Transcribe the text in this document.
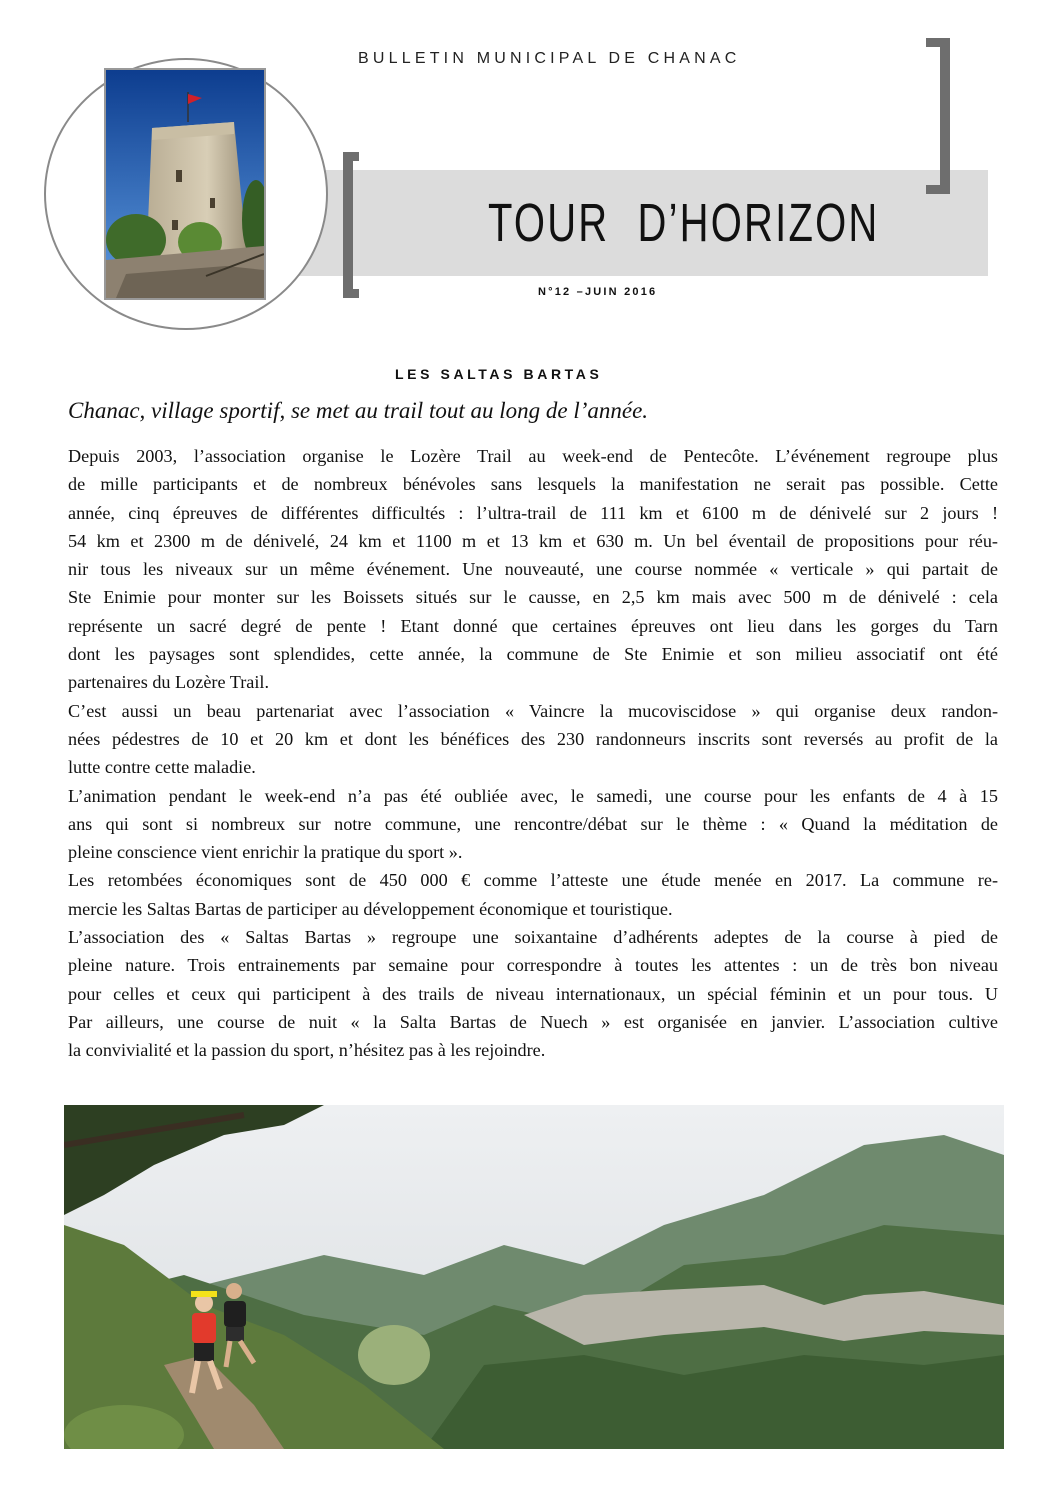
BULLETIN MUNICIPAL DE CHANAC
TOUR D’HORIZON
N°12 –JUIN 2016
LES SALTAS BARTAS
Chanac, village sportif, se met au trail tout au long de l’année.
Depuis 2003, l’association organise le Lozère Trail au week-end de Pentecôte. L’événement regroupe plus
de mille participants et de nombreux bénévoles sans lesquels la manifestation ne serait pas possible. Cette
année, cinq épreuves de différentes difficultés : l’ultra-trail de 111 km et 6100 m de dénivelé sur 2 jours !
54 km et 2300 m de dénivelé, 24 km et 1100 m et 13 km et 630 m. Un bel éventail de propositions pour réu-
nir tous les niveaux sur un même événement. Une nouveauté, une course nommée « verticale » qui partait de
Ste Enimie pour monter sur les Boissets situés sur le causse, en 2,5 km mais avec 500 m de dénivelé : cela
représente un sacré degré de pente ! Etant donné que certaines épreuves ont lieu dans les gorges du Tarn
dont les paysages sont splendides, cette année, la commune de Ste Enimie et son milieu associatif ont été
partenaires du Lozère Trail.
C’est aussi un beau partenariat avec l’association « Vaincre la mucoviscidose » qui organise deux randon-
nées pédestres de 10 et 20 km et dont les bénéfices des 230 randonneurs inscrits sont reversés au profit de la
lutte contre cette maladie.
L’animation pendant le week-end n’a pas été oubliée avec, le samedi, une course pour les enfants de 4 à 15
ans qui sont si nombreux sur notre commune, une rencontre/débat sur le thème : « Quand la méditation de
pleine conscience vient enrichir la pratique du sport ».
Les retombées économiques sont de 450 000 € comme l’atteste une étude menée en 2017. La commune re-
mercie les Saltas Bartas de participer au développement économique et touristique.
L’association des « Saltas Bartas » regroupe une soixantaine d’adhérents adeptes de la course à pied de
pleine nature. Trois entrainements par semaine pour correspondre à toutes les attentes : un de très bon niveau
pour celles et ceux qui participent à des trails de niveau internationaux, un spécial féminin et un pour tous. U
Par ailleurs, une course de nuit « la Salta Bartas de Nuech » est organisée en janvier. L’association cultive
la convivialité et la passion du sport, n’hésitez pas à les rejoindre.
